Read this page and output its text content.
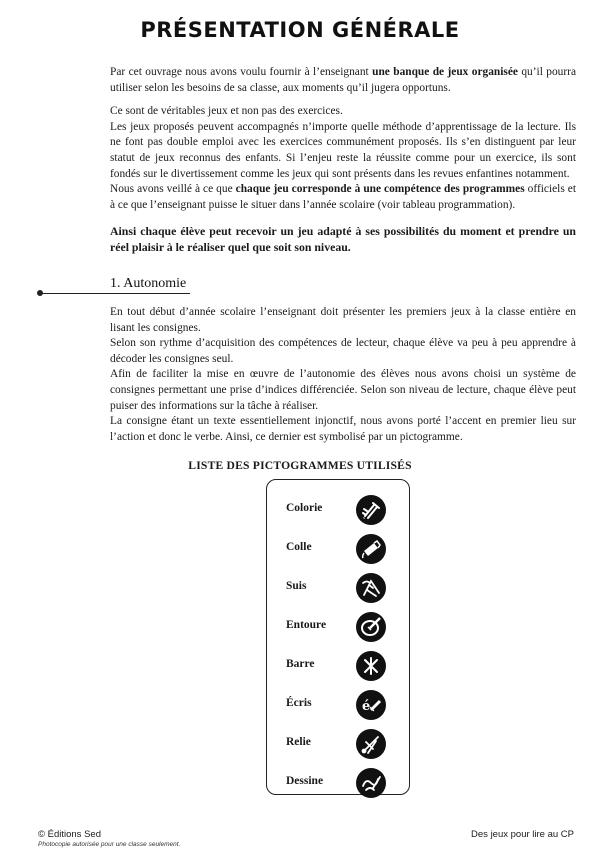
PRÉSENTATION GÉNÉRALE

Par cet ouvrage nous avons voulu fournir à l’enseignant une banque de jeux organisée qu’il pourra utiliser selon les besoins de sa classe, aux moments qu’il jugera opportuns.

Ce sont de véritables jeux et non pas des exercices.

Les jeux proposés peuvent accompagnés n’importe quelle méthode d’apprentissage de la lecture. Ils ne font pas double emploi avec les exercices communément proposés. Ils s’en distinguent par leur statut de jeux reconnus des enfants. Si l’enjeu reste la réussite comme pour un exercice, ils sont fondés sur le divertissement comme les jeux qui sont présents dans les revues enfantines notamment.

Nous avons veillé à ce que chaque jeu corresponde à une compétence des programmes officiels et à ce que l’enseignant puisse le situer dans l’année scolaire (voir tableau programmation).

Ainsi chaque élève peut recevoir un jeu adapté à ses possibilités du moment et prendre un réel plaisir à le réaliser quel que soit son niveau.

1. Autonomie

En tout début d’année scolaire l’enseignant doit présenter les premiers jeux à la classe entière en lisant les consignes.

Selon son rythme d’acquisition des compétences de lecteur, chaque élève va peu à peu apprendre à décoder les consignes seul.

Afin de faciliter la mise en œuvre de l’autonomie des élèves nous avons choisi un système de consignes permettant une prise d’indices différenciée. Selon son niveau de lecture, chaque élève peut puiser des informations sur la tâche à réaliser.

La consigne étant un texte essentiellement injonctif, nous avons porté l’accent en premier lieu sur l’action et donc le verbe. Ainsi, ce dernier est symbolisé par un pictogramme.

LISTE DES PICTOGRAMMES UTILISÉS
Colorie
Colle
Suis
Entoure
Barre
Écris	é
Relie
Dessine
© Éditions Sed
Photocopie autorisée pour une classe seulement.
Des jeux pour lire au CP
